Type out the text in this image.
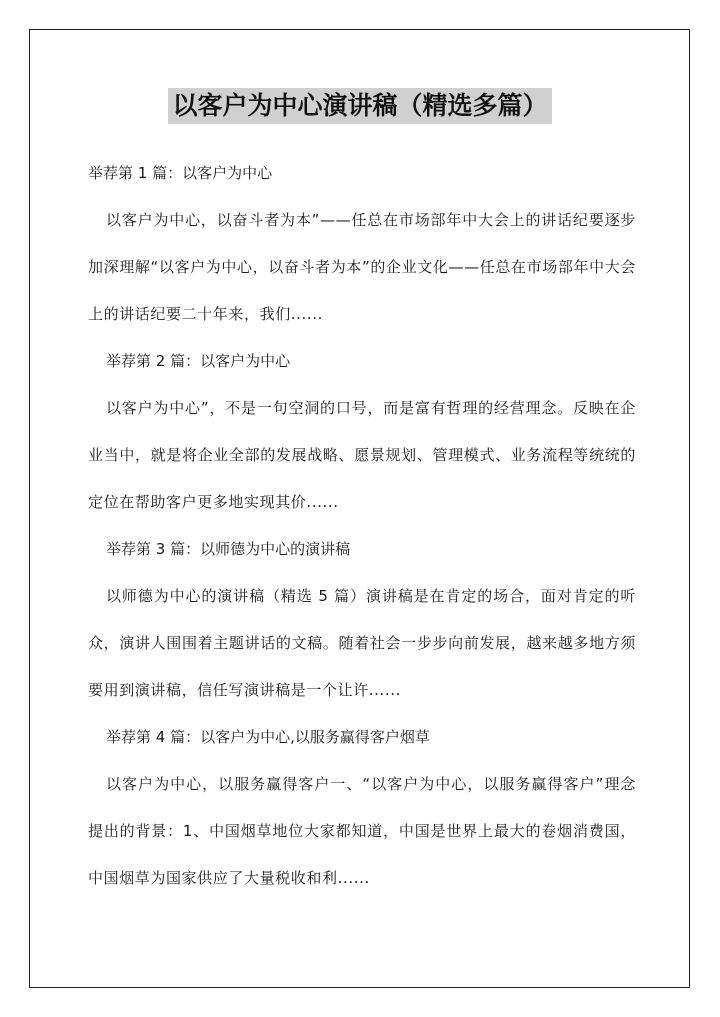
以客户为中心演讲稿（精选多篇）
举荐第 1 篇：以客户为中心

以客户为中心，以奋斗者为本”——任总在市场部年中大会上的讲话纪要逐步加深理解“以客户为中心，以奋斗者为本”的企业文化——任总在市场部年中大会上的讲话纪要二十年来，我们......

举荐第 2 篇：以客户为中心

以客户为中心”，不是一句空洞的口号，而是富有哲理的经营理念。反映在企业当中，就是将企业全部的发展战略、愿景规划、管理模式、业务流程等统统的定位在帮助客户更多地实现其价......

举荐第 3 篇：以师德为中心的演讲稿

以师德为中心的演讲稿（精选 5 篇）演讲稿是在肯定的场合，面对肯定的听众，演讲人围围着主题讲话的文稿。随着社会一步步向前发展，越来越多地方须要用到演讲稿，信任写演讲稿是一个让许......

举荐第 4 篇：以客户为中心,以服务赢得客户烟草

以客户为中心，以服务赢得客户一、“以客户为中心，以服务赢得客户”理念提出的背景：1、中国烟草地位大家都知道，中国是世界上最大的卷烟消费国，中国烟草为国家供应了大量税收和利......
